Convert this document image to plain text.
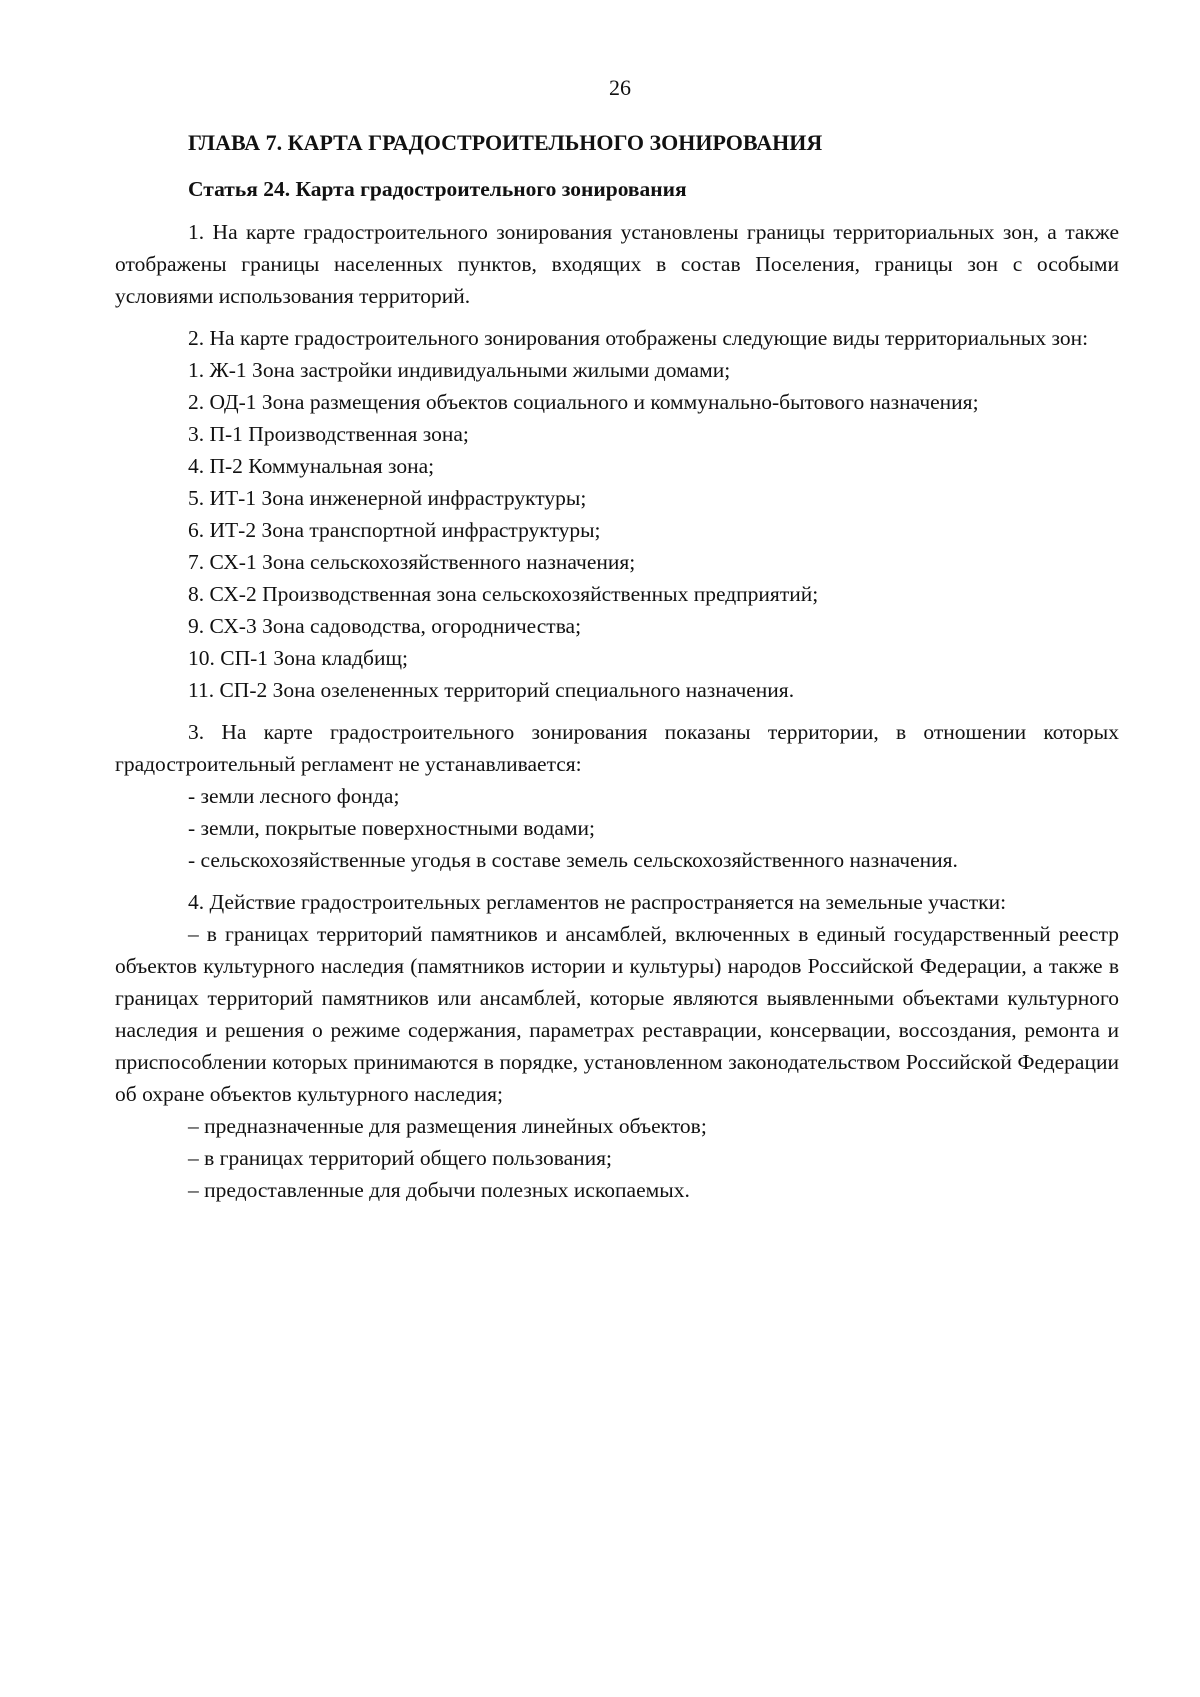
26
ГЛАВА 7. КАРТА ГРАДОСТРОИТЕЛЬНОГО ЗОНИРОВАНИЯ
Статья 24. Карта градостроительного зонирования

1. На карте градостроительного зонирования установлены границы территориальных зон, а также отображены границы населенных пунктов, входящих в состав Поселения, границы зон с особыми условиями использования территорий.

2. На карте градостроительного зонирования отображены следующие виды территориальных зон:

1. Ж-1 Зона застройки индивидуальными жилыми домами;
2. ОД-1 Зона размещения объектов социального и коммунально-бытового назначения;
3. П-1 Производственная зона;
4. П-2 Коммунальная зона;
5. ИТ-1 Зона инженерной инфраструктуры;
6. ИТ-2 Зона транспортной инфраструктуры;
7. СХ-1 Зона сельскохозяйственного назначения;
8. СХ-2 Производственная зона сельскохозяйственных предприятий;
9. СХ-3 Зона садоводства, огородничества;
10. СП-1 Зона кладбищ;
11. СП-2 Зона озелененных территорий специального назначения.

3. На карте градостроительного зонирования показаны территории, в отношении которых градостроительный регламент не устанавливается:

- земли лесного фонда;
- земли, покрытые поверхностными водами;
- сельскохозяйственные угодья в составе земель сельскохозяйственного назначения.

4. Действие градостроительных регламентов не распространяется на земельные участки:

– в границах территорий памятников и ансамблей, включенных в единый государственный реестр объектов культурного наследия (памятников истории и культуры) народов Российской Федерации, а также в границах территорий памятников или ансамблей, которые являются выявленными объектами культурного наследия и решения о режиме содержания, параметрах реставрации, консервации, воссоздания, ремонта и приспособлении которых принимаются в порядке, установленном законодательством Российской Федерации об охране объектов культурного наследия;

– предназначенные для размещения линейных объектов;
– в границах территорий общего пользования;
– предоставленные для добычи полезных ископаемых.
